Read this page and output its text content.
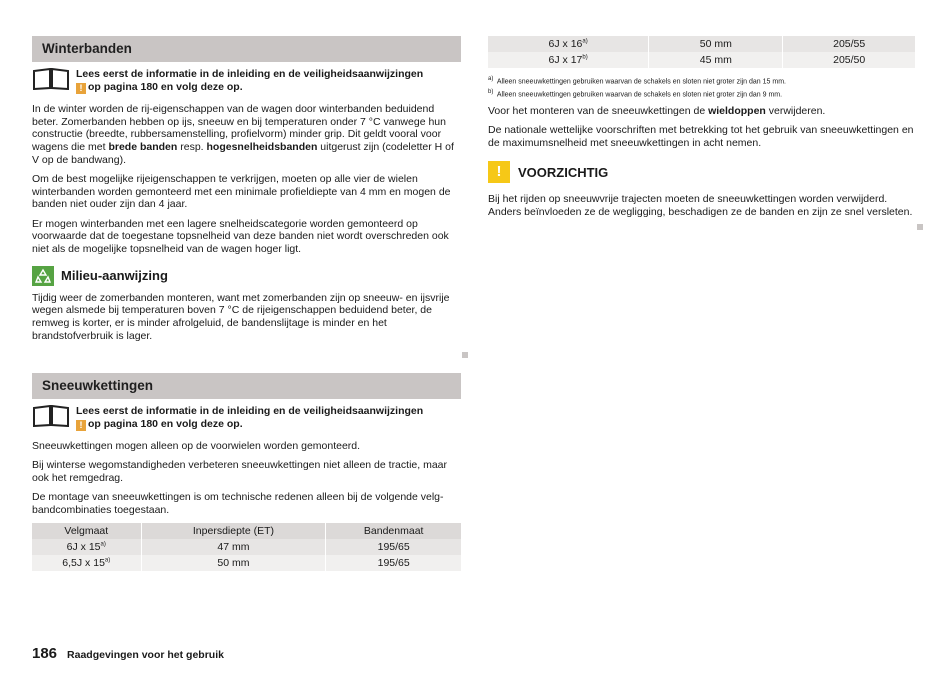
Winterbanden
Lees eerst de informatie in de inleiding en de veiligheidsaanwijzingen
! op pagina 180 en volg deze op.

In de winter worden de rij-eigenschappen van de wagen door winterbanden beduidend beter. Zomerbanden hebben op ijs, sneeuw en bij temperaturen onder 7 °C vanwege hun constructie (breedte, rubbersamenstelling, profielvorm) minder grip. Dit geldt vooral voor wagens die met brede banden resp. hogesnelheidsbanden uitgerust zijn (codeletter H of V op de bandwang).

Om de best mogelijke rijeigenschappen te verkrijgen, moeten op alle vier de wielen winterbanden worden gemonteerd met een minimale profieldiepte van 4 mm en mogen de banden niet ouder zijn dan 4 jaar.

Er mogen winterbanden met een lagere snelheidscategorie worden gemonteerd op voorwaarde dat de toegestane topsnelheid van deze banden niet wordt overschreden ook niet als de mogelijke topsnelheid van de wagen hoger ligt.

Milieu-aanwijzing

Tijdig weer de zomerbanden monteren, want met zomerbanden zijn op sneeuw- en ijsvrije wegen alsmede bij temperaturen boven 7 °C de rijeigenschappen beduidend beter, de remweg is korter, er is minder afrolgeluid, de bandenslijtage is minder en het brandstofverbruik is lager.

Sneeuwkettingen
Lees eerst de informatie in de inleiding en de veiligheidsaanwijzingen
! op pagina 180 en volg deze op.

Sneeuwkettingen mogen alleen op de voorwielen worden gemonteerd.

Bij winterse wegomstandigheden verbeteren sneeuwkettingen niet alleen de tractie, maar ook het remgedrag.

De montage van sneeuwkettingen is om technische redenen alleen bij de volgende velg-bandcombinaties toegestaan.

Velgmaat	Inpersdiepte (ET)	Bandenmaat
6J x 15$^{a)}$	47 mm	195/65
6,5J x 15$^{a)}$	50 mm	195/65
6J x 16$^{a)}$	50 mm	205/55
6J x 17$^{b)}$	45 mm	205/50

$^{a)}$ Alleen sneeuwkettingen gebruiken waarvan de schakels en sloten niet groter zijn dan 15 mm.

$^{b)}$ Alleen sneeuwkettingen gebruiken waarvan de schakels en sloten niet groter zijn dan 9 mm.

Voor het monteren van de sneeuwkettingen de wieldoppen verwijderen.

De nationale wettelijke voorschriften met betrekking tot het gebruik van sneeuwkettingen en de maximumsnelheid met sneeuwkettingen in acht nemen.

!	VOORZICHTIG

Bij het rijden op sneeuwvrije trajecten moeten de sneeuwkettingen worden verwijderd. Anders beïnvloeden ze de wegligging, beschadigen ze de banden en zijn ze snel versleten.

186 Raadgevingen voor het gebruik
